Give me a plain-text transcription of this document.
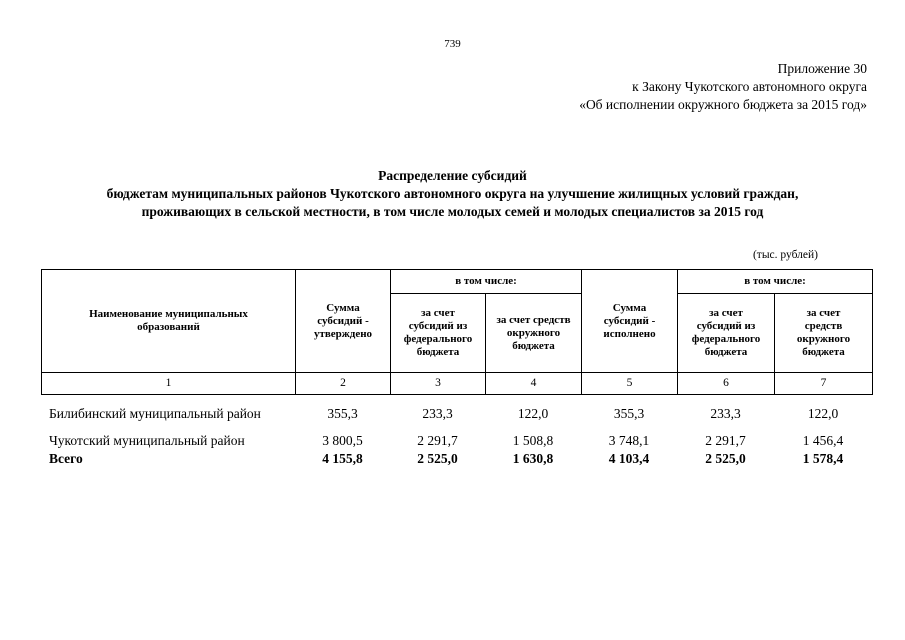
739
Приложение 30
к Закону Чукотского автономного округа
«Об исполнении окружного бюджета за 2015 год»
Распределение субсидий
бюджетам муниципальных районов Чукотского автономного округа на улучшение жилищных условий граждан,
проживающих в сельской местности, в том числе молодых семей и молодых специалистов за 2015 год
(тыс. рублей)
Наименование муниципальных образований	Сумма субсидий - утверждено	в том числе:		Сумма субсидий - исполнено	в том числе:	
		за счет субсидий из федерального бюджета	за счет средств окружного бюджета		за счет субсидий из федерального бюджета	за счет средств окружного бюджета
1	2	3	4	5	6	7
Билибинский муниципальный район	355,3	233,3	122,0	355,3	233,3	122,0

Чукотский муниципальный район	3 800,5	2 291,7	1 508,8	3 748,1	2 291,7	1 456,4
Всего	4 155,8	2 525,0	1 630,8	4 103,4	2 525,0	1 578,4
